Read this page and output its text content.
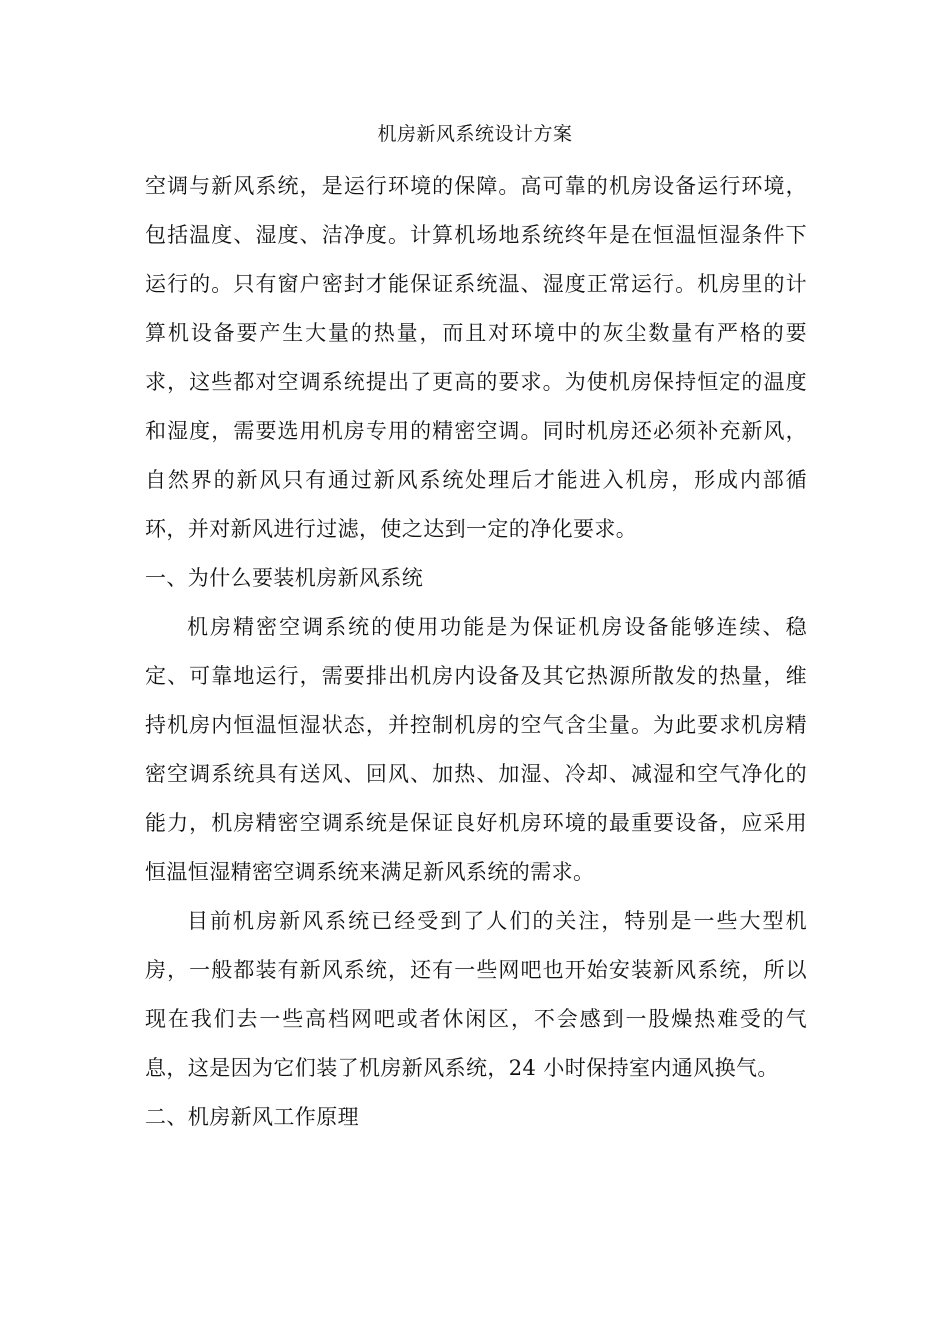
机房新风系统设计方案

空调与新风系统，是运行环境的保障。高可靠的机房设备运行环境，包括温度、湿度、洁净度。计算机场地系统终年是在恒温恒湿条件下运行的。只有窗户密封才能保证系统温、湿度正常运行。机房里的计算机设备要产生大量的热量，而且对环境中的灰尘数量有严格的要求，这些都对空调系统提出了更高的要求。为使机房保持恒定的温度和湿度，需要选用机房专用的精密空调。同时机房还必须补充新风，自然界的新风只有通过新风系统处理后才能进入机房，形成内部循环，并对新风进行过滤，使之达到一定的净化要求。

一、为什么要装机房新风系统

机房精密空调系统的使用功能是为保证机房设备能够连续、稳定、可靠地运行，需要排出机房内设备及其它热源所散发的热量，维持机房内恒温恒湿状态，并控制机房的空气含尘量。为此要求机房精密空调系统具有送风、回风、加热、加湿、冷却、减湿和空气净化的能力，机房精密空调系统是保证良好机房环境的最重要设备，应采用恒温恒湿精密空调系统来满足新风系统的需求。

目前机房新风系统已经受到了人们的关注，特别是一些大型机房，一般都装有新风系统，还有一些网吧也开始安装新风系统，所以现在我们去一些高档网吧或者休闲区，不会感到一股燥热难受的气息，这是因为它们装了机房新风系统，24 小时保持室内通风换气。

二、机房新风工作原理
